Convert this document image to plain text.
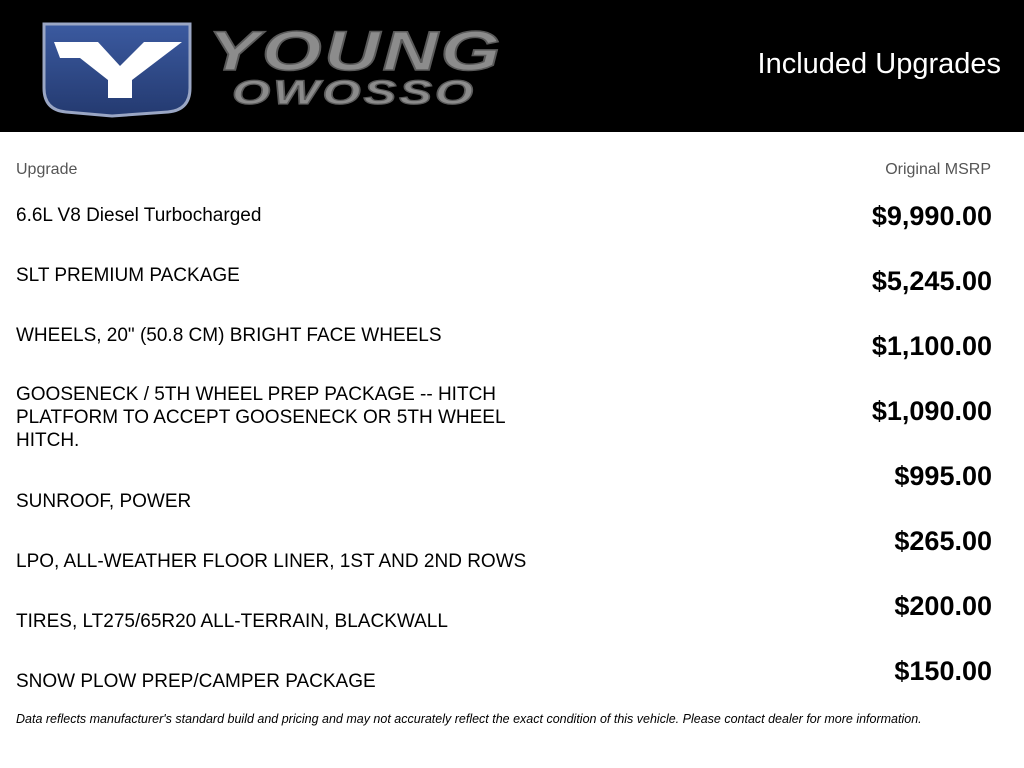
YOUNG
OWOSSO
Included Upgrades
Upgrade	Original MSRP
6.6L V8 Diesel Turbocharged
SLT PREMIUM PACKAGE
WHEELS, 20" (50.8 CM) BRIGHT FACE WHEELS
GOOSENECK / 5TH WHEEL PREP PACKAGE -- HITCH PLATFORM TO ACCEPT GOOSENECK OR 5TH WHEEL HITCH.
SUNROOF, POWER
LPO, ALL-WEATHER FLOOR LINER, 1ST AND 2ND ROWS
TIRES, LT275/65R20 ALL-TERRAIN, BLACKWALL
SNOW PLOW PREP/CAMPER PACKAGE
$9,990.00
$5,245.00
$1,100.00
$1,090.00
$995.00
$265.00
$200.00
$150.00
Data reflects manufacturer's standard build and pricing and may not accurately reflect the exact condition of this vehicle. Please contact dealer for more information.
